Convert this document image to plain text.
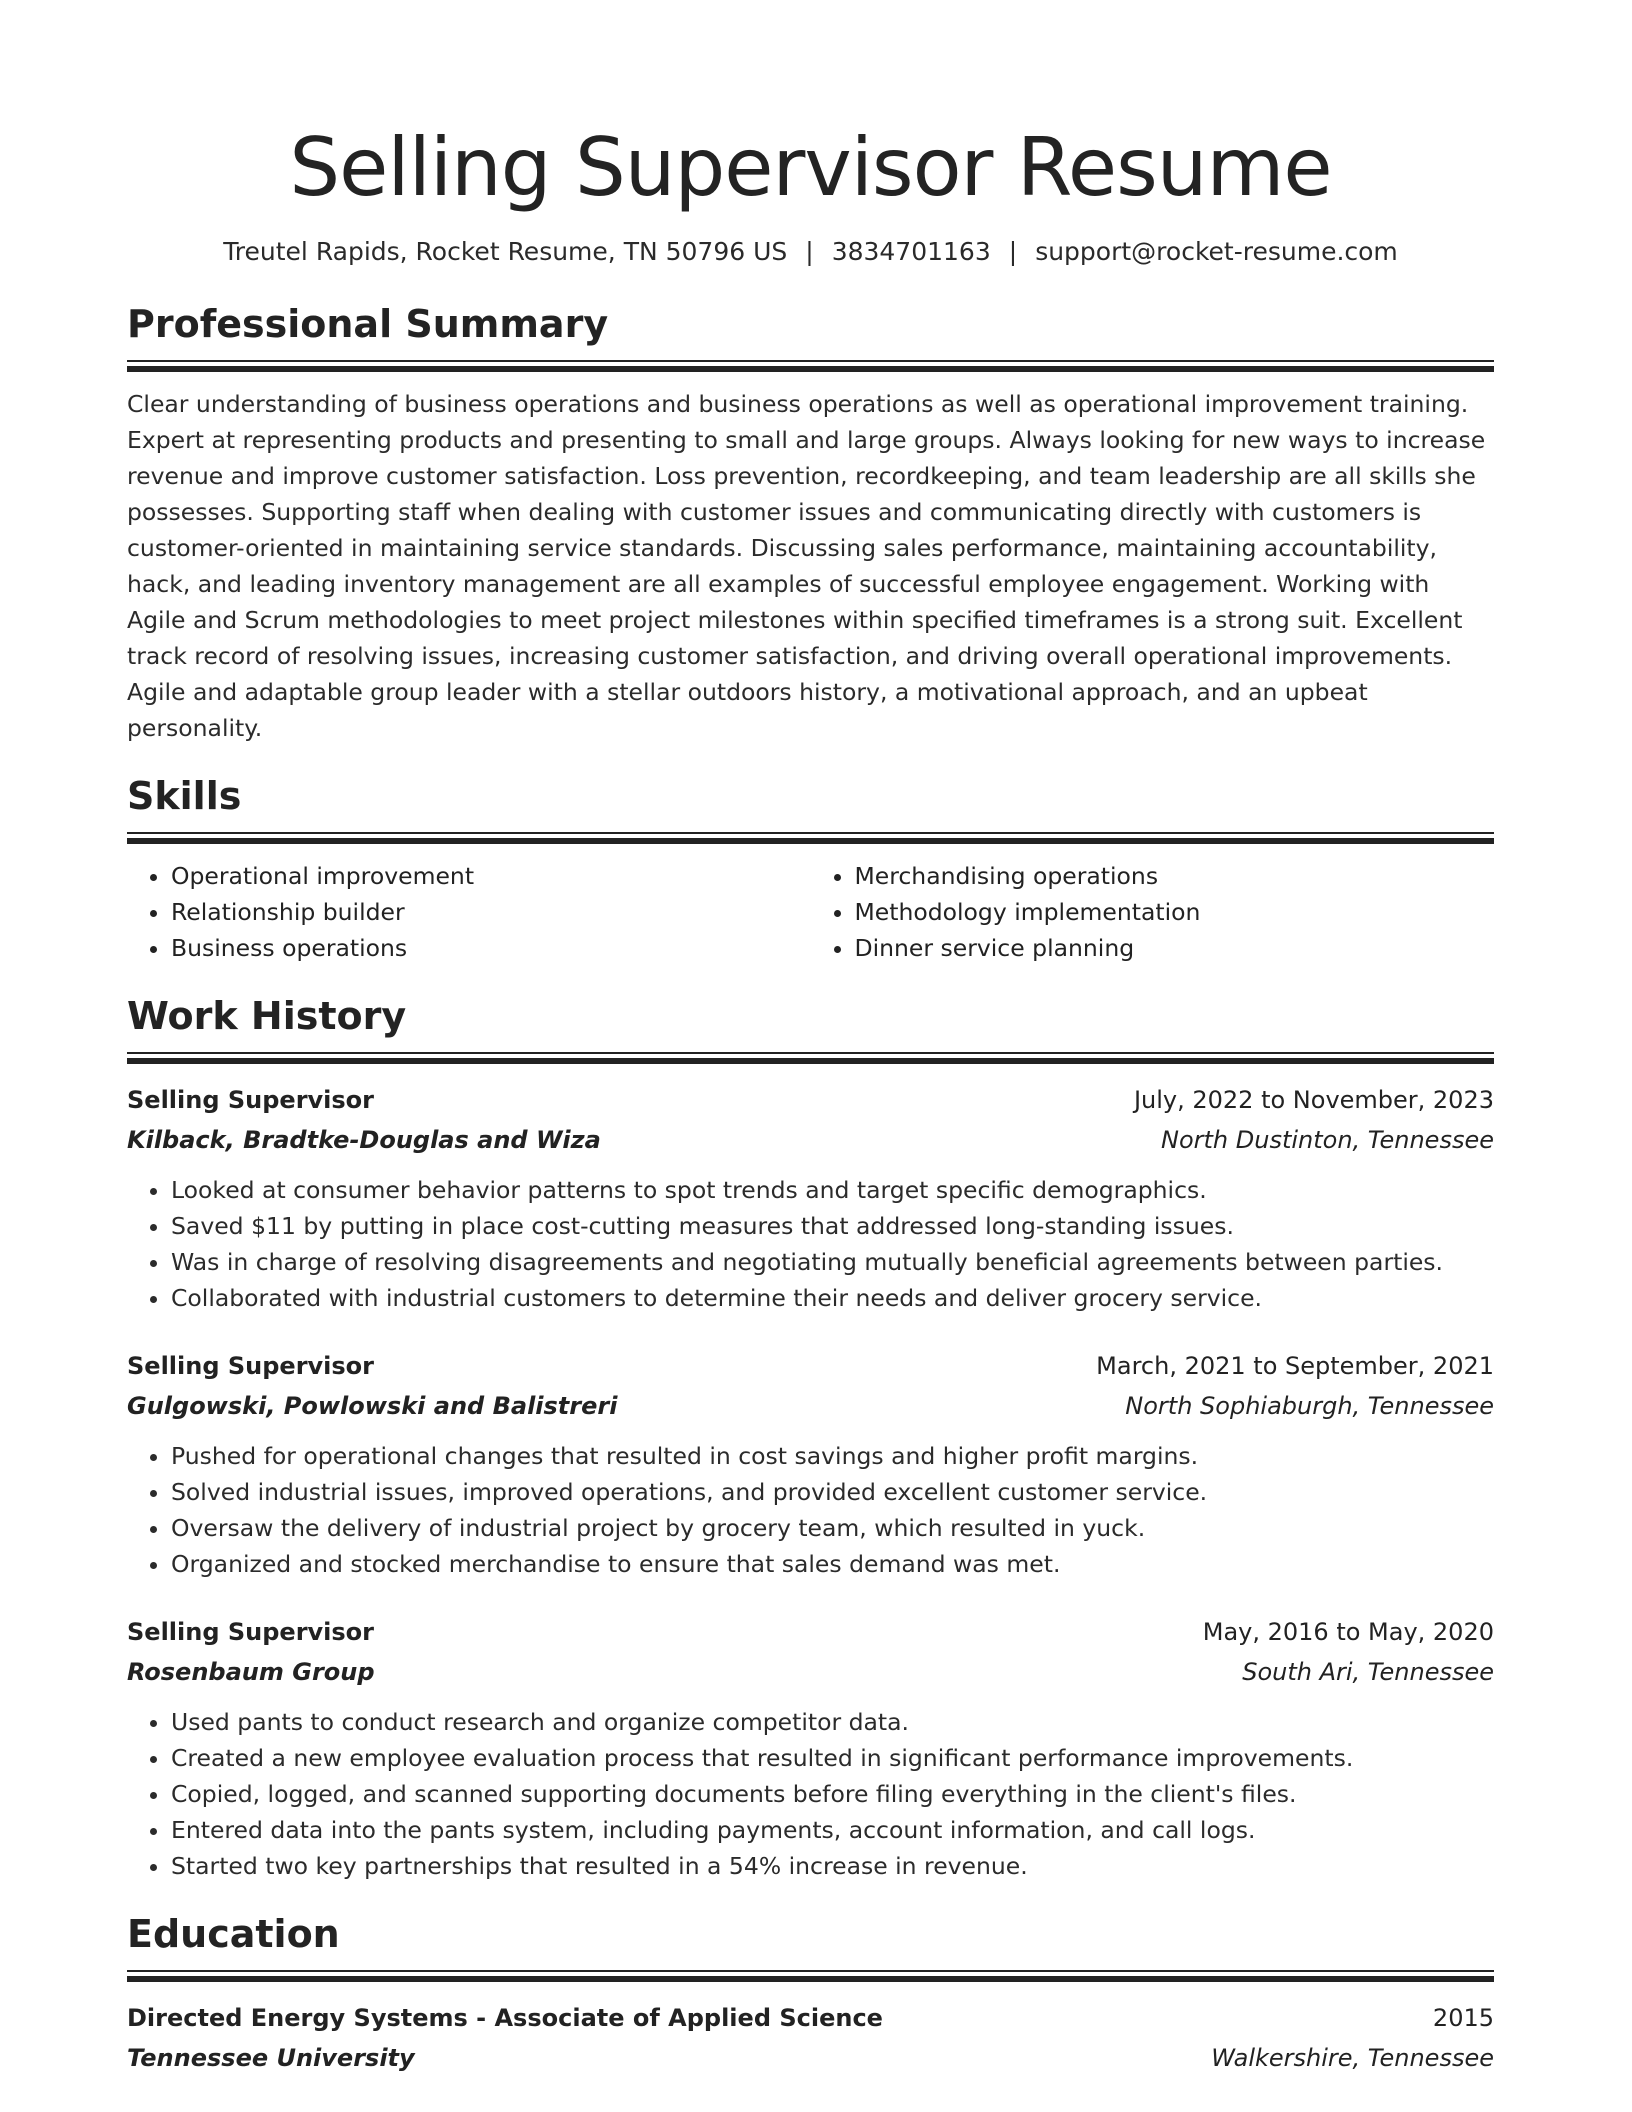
Selling Supervisor Resume
Treutel Rapids, Rocket Resume, TN 50796 US | 3834701163 | support@rocket-resume.com
Professional Summary

Clear understanding of business operations and business operations as well as operational improvement training. Expert at representing products and presenting to small and large groups. Always looking for new ways to increase revenue and improve customer satisfaction. Loss prevention, recordkeeping, and team leadership are all skills she possesses. Supporting staff when dealing with customer issues and communicating directly with customers is customer-oriented in maintaining service standards. Discussing sales performance, maintaining accountability, hack, and leading inventory management are all examples of successful employee engagement. Working with Agile and Scrum methodologies to meet project milestones within specified timeframes is a strong suit. Excellent track record of resolving issues, increasing customer satisfaction, and driving overall operational improvements. Agile and adaptable group leader with a stellar outdoors history, a motivational approach, and an upbeat personality.

Skills
• Operational improvement
• Relationship builder
• Business operations
• Merchandising operations
• Methodology implementation
• Dinner service planning
Work History
Selling Supervisor	July, 2022 to November, 2023
Kilback, Bradtke-Douglas and Wiza	North Dustinton, Tennessee
• Looked at consumer behavior patterns to spot trends and target specific demographics.
• Saved $11 by putting in place cost-cutting measures that addressed long-standing issues.
• Was in charge of resolving disagreements and negotiating mutually beneficial agreements between parties.
• Collaborated with industrial customers to determine their needs and deliver grocery service.
Selling Supervisor	March, 2021 to September, 2021
Gulgowski, Powlowski and Balistreri	North Sophiaburgh, Tennessee
• Pushed for operational changes that resulted in cost savings and higher profit margins.
• Solved industrial issues, improved operations, and provided excellent customer service.
• Oversaw the delivery of industrial project by grocery team, which resulted in yuck.
• Organized and stocked merchandise to ensure that sales demand was met.
Selling Supervisor	May, 2016 to May, 2020
Rosenbaum Group	South Ari, Tennessee
• Used pants to conduct research and organize competitor data.
• Created a new employee evaluation process that resulted in significant performance improvements.
• Copied, logged, and scanned supporting documents before filing everything in the client's files.
• Entered data into the pants system, including payments, account information, and call logs.
• Started two key partnerships that resulted in a 54% increase in revenue.
Education
Directed Energy Systems - Associate of Applied Science	2015
Tennessee University	Walkershire, Tennessee
